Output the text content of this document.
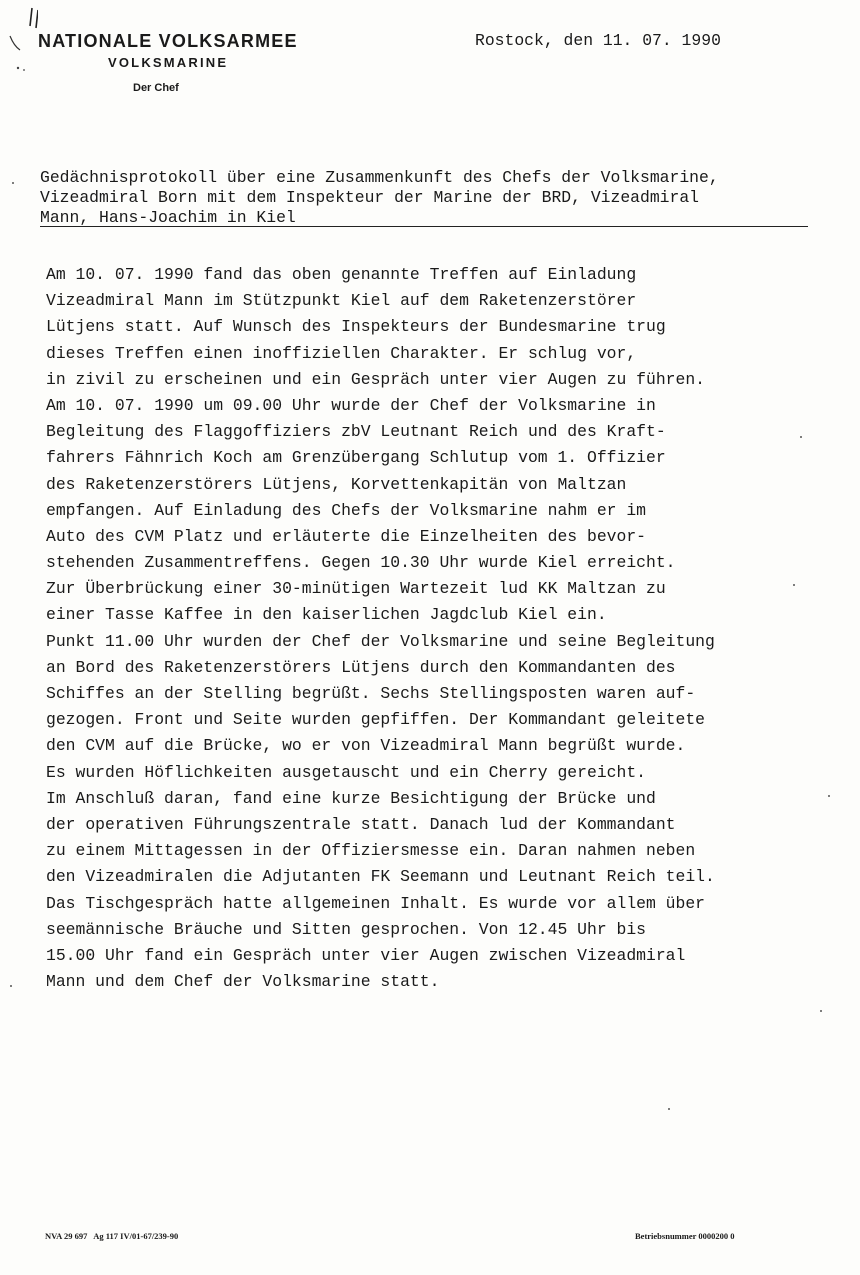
NATIONALE VOLKSARMEE
VOLKSMARINE
Der Chef
Rostock, den 11. 07. 1990
Gedächnisprotokoll über eine Zusammenkunft des Chefs der Volksmarine,
Vizeadmiral Born mit dem Inspekteur der Marine der BRD, Vizeadmiral
Mann, Hans-Joachim in Kiel
Am 10. 07. 1990 fand das oben genannte Treffen auf Einladung
Vizeadmiral Mann im Stützpunkt Kiel auf dem Raketenzerstörer
Lütjens statt. Auf Wunsch des Inspekteurs der Bundesmarine trug
dieses Treffen einen inoffiziellen Charakter. Er schlug vor,
in zivil zu erscheinen und ein Gespräch unter vier Augen zu führen.
Am 10. 07. 1990 um 09.00 Uhr wurde der Chef der Volksmarine in
Begleitung des Flaggoffiziers zbV Leutnant Reich und des Kraft-
fahrers Fähnrich Koch am Grenzübergang Schlutup vom 1. Offizier
des Raketenzerstörers Lütjens, Korvettenkapitän von Maltzan
empfangen. Auf Einladung des Chefs der Volksmarine nahm er im
Auto des CVM Platz und erläuterte die Einzelheiten des bevor-
stehenden Zusammentreffens. Gegen 10.30 Uhr wurde Kiel erreicht.
Zur Überbrückung einer 30-minütigen Wartezeit lud KK Maltzan zu
einer Tasse Kaffee in den kaiserlichen Jagdclub Kiel ein.
Punkt 11.00 Uhr wurden der Chef der Volksmarine und seine Begleitung
an Bord des Raketenzerstörers Lütjens durch den Kommandanten des
Schiffes an der Stelling begrüßt. Sechs Stellingsposten waren auf-
gezogen. Front und Seite wurden gepfiffen. Der Kommandant geleitete
den CVM auf die Brücke, wo er von Vizeadmiral Mann begrüßt wurde.
Es wurden Höflichkeiten ausgetauscht und ein Cherry gereicht.
Im Anschluß daran, fand eine kurze Besichtigung der Brücke und
der operativen Führungszentrale statt. Danach lud der Kommandant
zu einem Mittagessen in der Offiziersmesse ein. Daran nahmen neben
den Vizeadmiralen die Adjutanten FK Seemann und Leutnant Reich teil.
Das Tischgespräch hatte allgemeinen Inhalt. Es wurde vor allem über
seemännische Bräuche und Sitten gesprochen. Von 12.45 Uhr bis
15.00 Uhr fand ein Gespräch unter vier Augen zwischen Vizeadmiral
Mann und dem Chef der Volksmarine statt.
NVA 29 697   Ag 117 IV/01-67/239-90	Betriebsnummer 0000200 0
